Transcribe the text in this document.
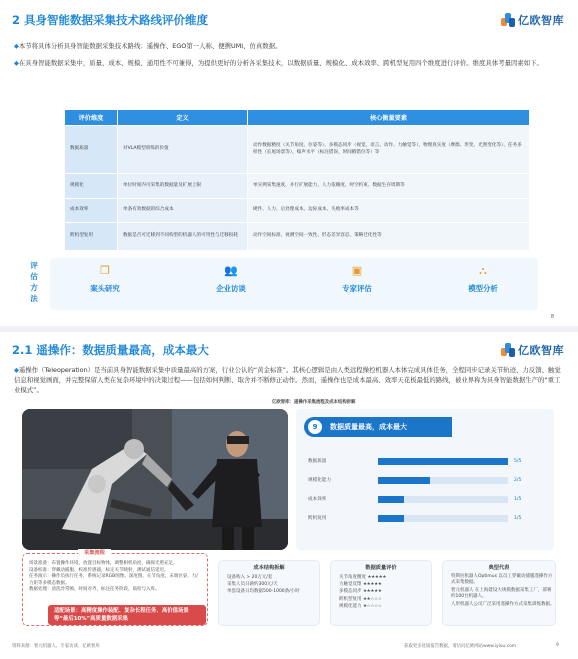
2 具身智能数据采集技术路线评价维度	亿欧智库
◆本节将具体分析具身智能数据采集技术路线：遥操作、EGO第一人称、便携UMI、仿真数据。
◆在具身智能数据采集中，质量、成本、规模、通用性不可兼得，为提供更好的分析各采集技术，以数据质量、规模化、成本效率、跨机型复用四个维度进行评价。维度具体考量因素如下。
评价维度	定义	核心衡量要素
数据质量	对VLA模型训练的价值	动作数据精度（关节角度、位姿等）、多模态同步（视觉、语言、动作、力触觉等）、物理真实度（摩擦、形变、光照变化等）、任务多样性（长尾场景等）、噪声水平（标注错误、时间戳错位等）等
规模化	单位时间内可采集的数据量及扩展上限	单实例采集速度、并行扩展能力、人力依赖度、时空约束、数据生存周期等
成本效率	单条有效数据的综合成本	硬件、人力、后处理成本、边际成本、失败率成本等
跨机型复用	数据是否可迁移到不同构型的机器人的可用性与迁移损耗	动作空间标准、视测空间一致性、形态差异容忍、策略迁化性等
评估方法
❐
案头研究
👥
企业访谈
▣
专家评估
⛬
模型分析
8
2.1 遥操作：数据质量最高，成本最大	亿欧智库
◆遥操作（Teleoperation）是当前具身智能数据采集中质量最高的方案，行业公认的“黄金标准”。其核心逻辑是由人类远程操控机器人本体完成具体任务，全程同步记录关节轨迹、力反馈、触觉信息和视觉画面，并完整保留人类在复杂环境中的决策过程——包括如何判断、取舍并不断修正动作。然而，遥操作也是成本最高、效率天花板最低的路线，被业界称为具身智能数据生产的“重工业模式”。
亿欧智库：遥操作采集流程及成本结构拆解
9	数据质量最高，成本最大
数据质量	5/5
规模化能力	2/5
成本效率	1/5
跨机复用	1/5
场景准备：布置操作环境，放置目标物体，调整相机角度，确保光照充足。
设备校准：穿戴动捕服、校准传感器，标定关节映射，测试通信延迟。
任务演示：操作员执行任务，系统记录RGB图像、深度图、关节角度、末端位姿、力/力矩等多模态数据。
数据处理：清洗异常帧，时间对齐，标注任务阶段，质检与入库。
采集流程
适配场景：高精度操作装配、复杂长程任务、高价值场景等“最后10%”高质量数据采集
成本结构拆解
设备购入 > 20万元/套
采集人员日薪约300元/天
单套设备日均数据500-1000条/小时
数据质量评价
关节角度精度 ★★★★★
力触觉反馈 ★★★★★
多模态同步 ★★★★★
跨机型复用 ★★☆☆☆
规模化能力 ★☆☆☆☆
典型代表
特斯拉机器人Optimus 以员工穿戴动捕服遥操作方式采集数据。
智元机器人 在上海建设大规模数据采集工厂，部署约100台机器人。
人形机器人公司广泛采用遥操作方式采集训练数据。
资料来源：智元机器人、专家访谈、亿欧智库	获取更多优质报告数据，请访问亿欧网站www.iyiou.com	9
